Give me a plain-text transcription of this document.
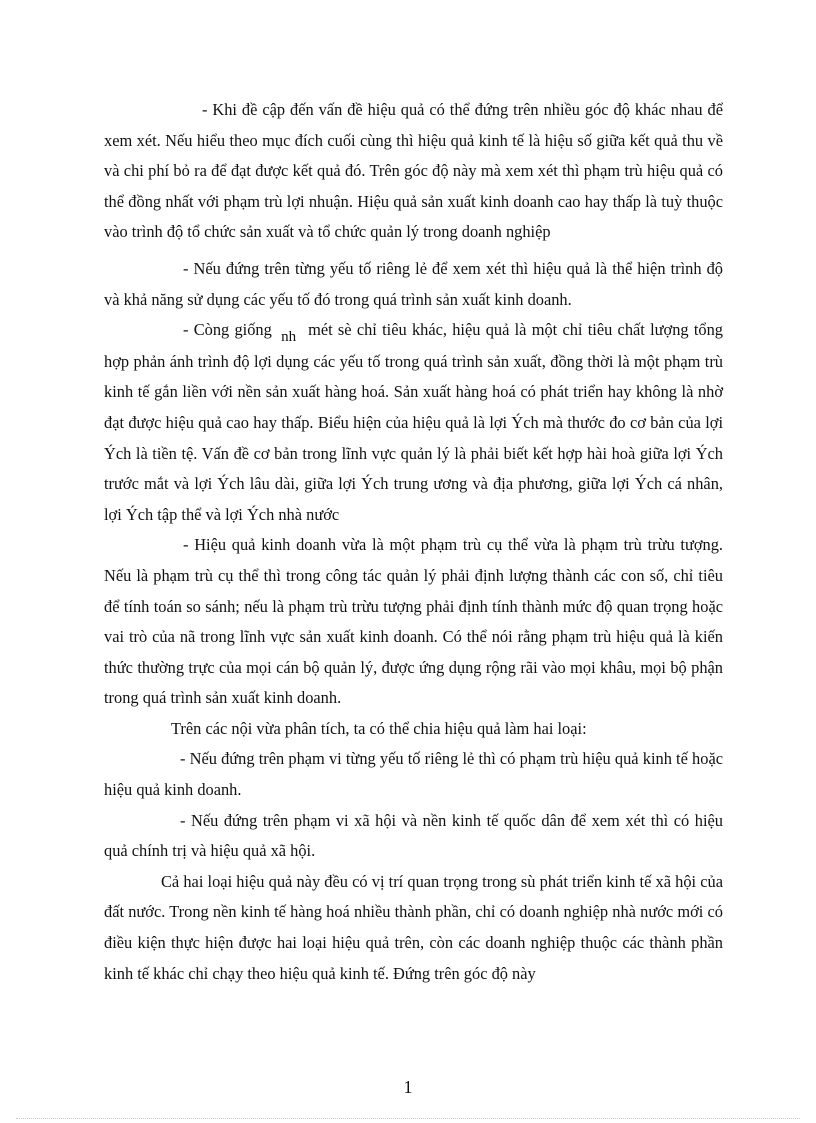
- Khi đề cập đến vấn đề hiệu quả có thể đứng trên nhiều góc độ khác nhau để xem xét. Nếu hiểu theo mục đích cuối cùng thì hiệu quả kinh tế là hiệu số giữa kết quả thu về và chi phí bỏ ra để đạt được kết quả đó. Trên góc độ này mà xem xét thì phạm trù hiệu quả có thể đồng nhất với phạm trù lợi nhuận. Hiệu quả sản xuất kinh doanh cao hay thấp là tuỳ thuộc vào trình độ tổ chức sản xuất và tổ chức quản lý trong doanh nghiệp

- Nếu đứng trên từng yếu tố riêng lẻ để xem xét thì hiệu quả là thể hiện trình độ và khả năng sử dụng các yếu tố đó trong quá trình sản xuất kinh doanh.

- Còng giống nh mét sè chỉ tiêu khác, hiệu quả là một chỉ tiêu chất lượng tổng hợp phản ánh trình độ lợi dụng các yếu tố trong quá trình sản xuất, đồng thời là một phạm trù kinh tế gắn liền với nền sản xuất hàng hoá. Sản xuất hàng hoá có phát triển hay không là nhờ đạt được hiệu quả cao hay thấp. Biểu hiện của hiệu quả là lợi Ých mà thước đo cơ bản của lợi Ých là tiền tệ. Vấn đề cơ bản trong lĩnh vực quản lý là phải biết kết hợp hài hoà giữa lợi Ých trước mắt và lợi Ých lâu dài, giữa lợi Ých trung ương và địa phương, giữa lợi Ých cá nhân, lợi Ých tập thể và lợi Ých nhà nước

- Hiệu quả kinh doanh vừa là một phạm trù cụ thể vừa là phạm trù trừu tượng. Nếu là phạm trù cụ thể thì trong công tác quản lý phải định lượng thành các con số, chỉ tiêu để tính toán so sánh; nếu là phạm trù trừu tượng phải định tính thành mức độ quan trọng hoặc vai trò của nã trong lĩnh vực sản xuất kinh doanh. Có thể nói rằng phạm trù hiệu quả là kiến thức thường trực của mọi cán bộ quản lý, được ứng dụng rộng rãi vào mọi khâu, mọi bộ phận trong quá trình sản xuất kinh doanh.

Trên các nội vừa phân tích, ta có thể chia hiệu quả làm hai loại:

- Nếu đứng trên phạm vi từng yếu tố riêng lẻ thì có phạm trù hiệu quả kinh tế hoặc hiệu quả kinh doanh.

- Nếu đứng trên phạm vi xã hội và nền kinh tế quốc dân để xem xét thì có hiệu quả chính trị và hiệu quả xã hội.

Cả hai loại hiệu quả này đều có vị trí quan trọng trong sù phát triển kinh tế xã hội của đất nước. Trong nền kinh tế hàng hoá nhiều thành phần, chỉ có doanh nghiệp nhà nước mới có điều kiện thực hiện được hai loại hiệu quả trên, còn các doanh nghiệp thuộc các thành phần kinh tế khác chỉ chạy theo hiệu quả kinh tế. Đứng trên góc độ này

1
